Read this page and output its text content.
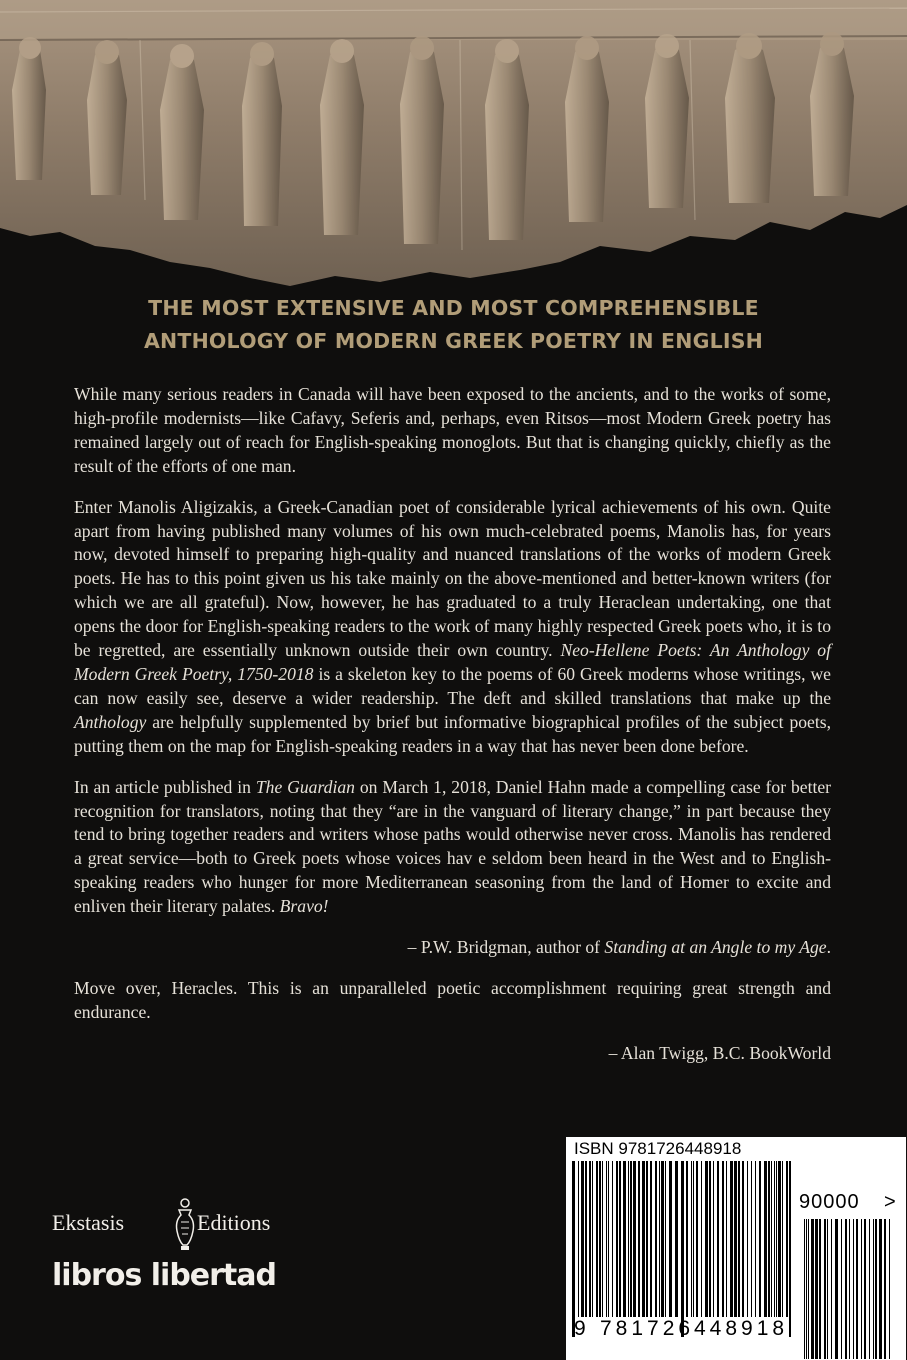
THE MOST EXTENSIVE AND MOST COMPREHENSIBLE
ANTHOLOGY OF MODERN GREEK POETRY IN ENGLISH

While many serious readers in Canada will have been exposed to the ancients, and to the works of some, high-profile modernists—like Cafavy, Seferis and, perhaps, even Ritsos—most Modern Greek poetry has remained largely out of reach for English-speaking monoglots. But that is changing quickly, chiefly as the result of the efforts of one man.

Enter Manolis Aligizakis, a Greek-Canadian poet of considerable lyrical achievements of his own. Quite apart from having published many volumes of his own much-celebrated poems, Manolis has, for years now, devoted himself to preparing high-quality and nuanced translations of the works of modern Greek poets. He has to this point given us his take mainly on the above-mentioned and better-known writers (for which we are all grateful). Now, however, he has graduated to a truly Heraclean undertaking, one that opens the door for English-speaking readers to the work of many highly respected Greek poets who, it is to be regretted, are essentially unknown outside their own country. Neo-Hellene Poets: An Anthology of Modern Greek Poetry, 1750-2018 is a skeleton key to the poems of 60 Greek moderns whose writings, we can now easily see, deserve a wider readership. The deft and skilled translations that make up the Anthology are helpfully supplemented by brief but informative biographical profiles of the subject poets, putting them on the map for English-speaking readers in a way that has never been done before.

In an article published in The Guardian on March 1, 2018, Daniel Hahn made a compelling case for better recognition for translators, noting that they “are in the vanguard of literary change,” in part because they tend to bring together readers and writers whose paths would otherwise never cross. Manolis has rendered a great service—both to Greek poets whose voices hav e seldom been heard in the West and to English-speaking readers who hunger for more Mediterranean seasoning from the land of Homer to excite and enliven their literary palates. Bravo!

– P.W. Bridgman, author of Standing at an Angle to my Age.

Move over, Heracles. This is an unparalleled poetic accomplishment requiring great strength and endurance.

– Alan Twigg, B.C. BookWorld
Ekstasis	Editions
libros libertad
ISBN 9781726448918
90000 >
9 781726 448918
